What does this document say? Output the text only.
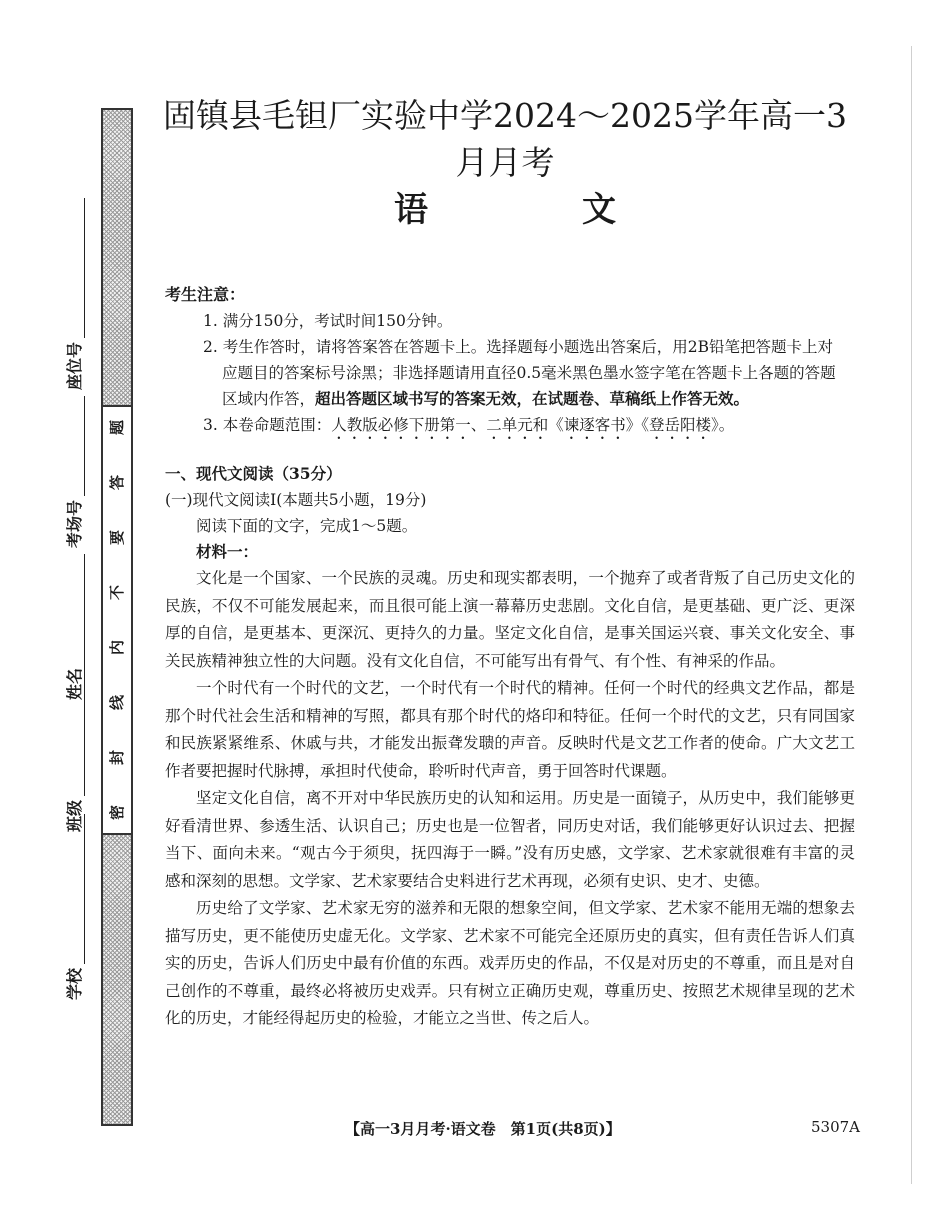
密
封
线
内
不
要
答
题
学校
班级
姓名
考场号
座位号
固镇县毛钽厂实验中学2024～2025学年高一3月月考
语　文
考生注意：

1. 满分150分，考试时间150分钟。

2. 考生作答时，请将答案答在答题卡上。选择题每小题选出答案后，用2B铅笔把答题卡上对

应题目的答案标号涂黑；非选择题请用直径0.5毫米黑色墨水签字笔在答题卡上各题的答题

区域内作答，超出答题区域书写的答案无效，在试题卷、草稿纸上作答无效。

3. 本卷命题范围：人教版必修下册第一、二单元和《谏逐客书》《登岳阳楼》。

一、现代文阅读（35分）
(一)现代文阅读Ⅰ(本题共5小题，19分)

阅读下面的文字，完成1～5题。

材料一：

文化是一个国家、一个民族的灵魂。历史和现实都表明，一个抛弃了或者背叛了自己历史文化的民族，不仅不可能发展起来，而且很可能上演一幕幕历史悲剧。文化自信，是更基础、更广泛、更深厚的自信，是更基本、更深沉、更持久的力量。坚定文化自信，是事关国运兴衰、事关文化安全、事关民族精神独立性的大问题。没有文化自信，不可能写出有骨气、有个性、有神采的作品。

一个时代有一个时代的文艺，一个时代有一个时代的精神。任何一个时代的经典文艺作品，都是那个时代社会生活和精神的写照，都具有那个时代的烙印和特征。任何一个时代的文艺，只有同国家和民族紧紧维系、休戚与共，才能发出振聋发聩的声音。反映时代是文艺工作者的使命。广大文艺工作者要把握时代脉搏，承担时代使命，聆听时代声音，勇于回答时代课题。

坚定文化自信，离不开对中华民族历史的认知和运用。历史是一面镜子，从历史中，我们能够更好看清世界、参透生活、认识自己；历史也是一位智者，同历史对话，我们能够更好认识过去、把握当下、面向未来。“观古今于须臾，抚四海于一瞬。”没有历史感，文学家、艺术家就很难有丰富的灵感和深刻的思想。文学家、艺术家要结合史料进行艺术再现，必须有史识、史才、史德。

历史给了文学家、艺术家无穷的滋养和无限的想象空间，但文学家、艺术家不能用无端的想象去描写历史，更不能使历史虚无化。文学家、艺术家不可能完全还原历史的真实，但有责任告诉人们真实的历史，告诉人们历史中最有价值的东西。戏弄历史的作品，不仅是对历史的不尊重，而且是对自己创作的不尊重，最终必将被历史戏弄。只有树立正确历史观，尊重历史、按照艺术规律呈现的艺术化的历史，才能经得起历史的检验，才能立之当世、传之后人。

【高一3月月考·语文卷　第1页(共8页)】	5307A
